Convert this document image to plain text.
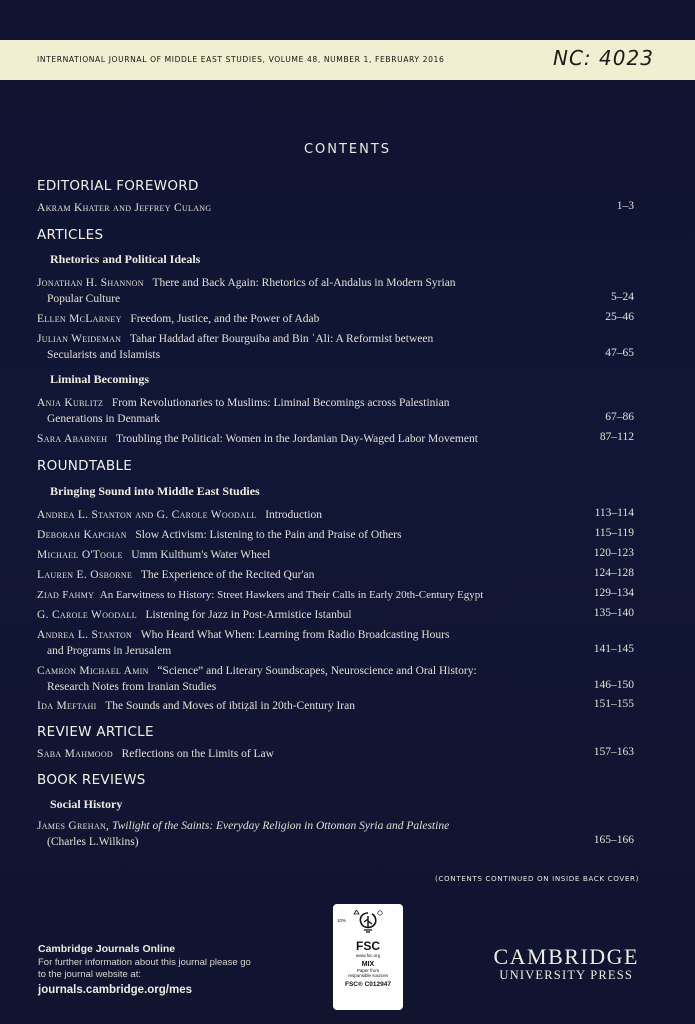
INTERNATIONAL JOURNAL OF MIDDLE EAST STUDIES, VOLUME 48, NUMBER 1, FEBRUARY 2016	NC: 4023
CONTENTS
EDITORIAL FOREWORD
Akram Khater and Jeffrey Culang	1–3
ARTICLES
Rhetorics and Political Ideals
Jonathan H. Shannon There and Back Again: Rhetorics of al-Andalus in Modern Syrian
Popular Culture	5–24
Ellen McLarney Freedom, Justice, and the Power of Adab	25–46
Julian Weideman Tahar Haddad after Bourguiba and Bin ʿAli: A Reformist between
Secularists and Islamists	47–65
Liminal Becomings
Anja Kublitz From Revolutionaries to Muslims: Liminal Becomings across Palestinian
Generations in Denmark	67–86
Sara Ababneh Troubling the Political: Women in the Jordanian Day-Waged Labor Movement	87–112
ROUNDTABLE
Bringing Sound into Middle East Studies
Andrea L. Stanton and G. Carole Woodall Introduction	113–114
Deborah Kapchan Slow Activism: Listening to the Pain and Praise of Others	115–119
Michael O'Toole Umm Kulthum's Water Wheel	120–123
Lauren E. Osborne The Experience of the Recited Qur'an	124–128
Ziad Fahmy An Earwitness to History: Street Hawkers and Their Calls in Early 20th-Century Egypt	129–134
G. Carole Woodall Listening for Jazz in Post-Armistice Istanbul	135–140
Andrea L. Stanton Who Heard What When: Learning from Radio Broadcasting Hours
and Programs in Jerusalem	141–145
Camron Michael Amin “Science” and Literary Soundscapes, Neuroscience and Oral History:
Research Notes from Iranian Studies	146–150
Ida Meftahi The Sounds and Moves of ibtiẓāl in 20th-Century Iran	151–155
REVIEW ARTICLE
Saba Mahmood Reflections on the Limits of Law	157–163
BOOK REVIEWS
Social History
James Grehan, Twilight of the Saints: Everyday Religion in Ottoman Syria and Palestine
(Charles L.Wilkins)	165–166
(CONTENTS CONTINUED ON INSIDE BACK COVER)
Cambridge Journals Online
For further information about this journal please go
to the journal website at:
journals.cambridge.org/mes
10%
FSC
www.fsc.org
MIX
Paper from
responsible sources
FSC® C012947
CAMBRIDGE
UNIVERSITY PRESS
